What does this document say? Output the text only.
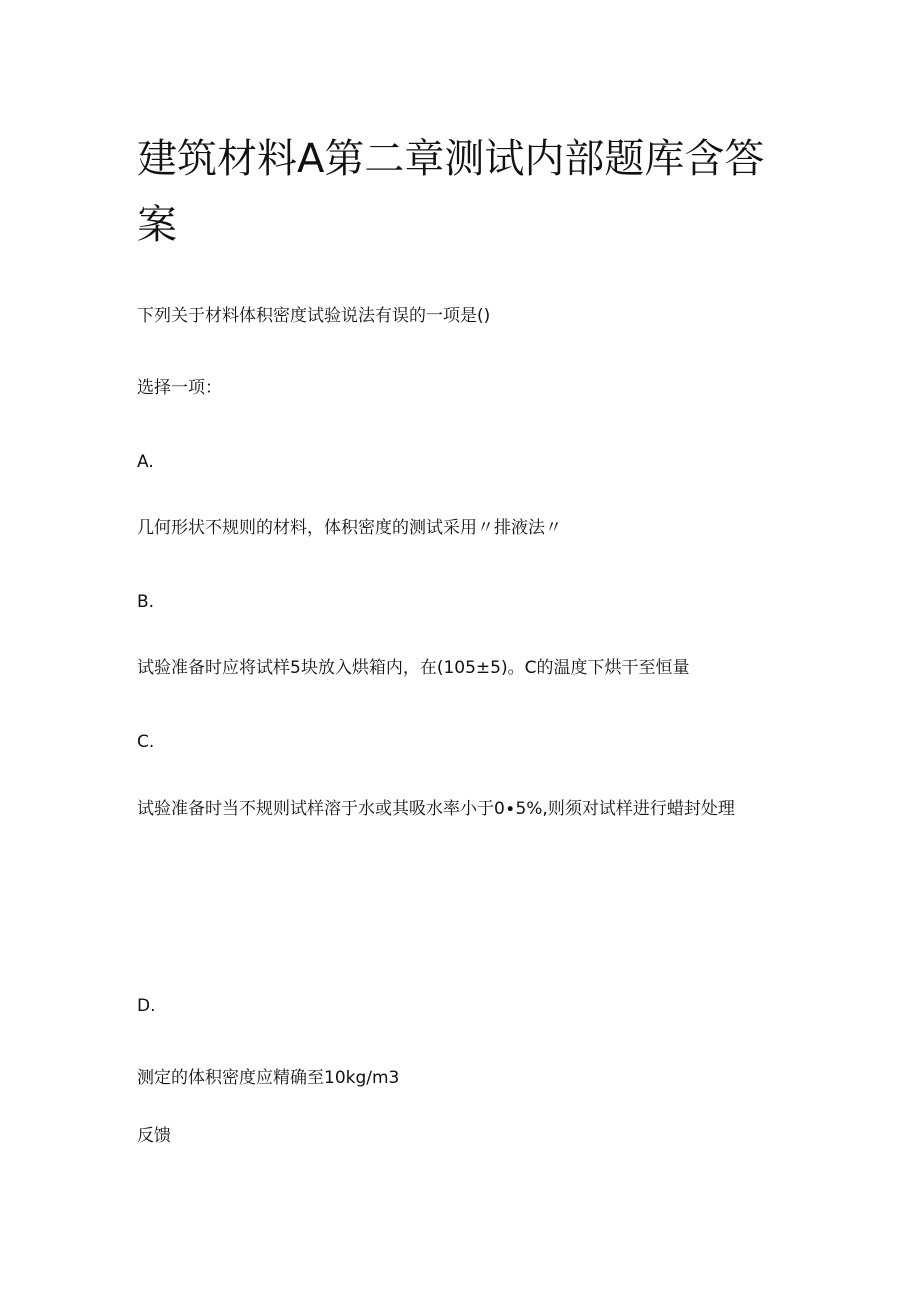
建筑材料A第二章测试内部题库含答案

下列关于材料体积密度试验说法有误的一项是()

选择一项：

A.

几何形状不规则的材料，体积密度的测试采用〃排液法〃

B.

试验准备时应将试样5块放入烘箱内，在(105±5)。C的温度下烘干至恒量

C.

试验准备时当不规则试样溶于水或其吸水率小于0∙5%,则须对试样进行蜡封处理

D.

测定的体积密度应精确至10kg∕m3

反馈
